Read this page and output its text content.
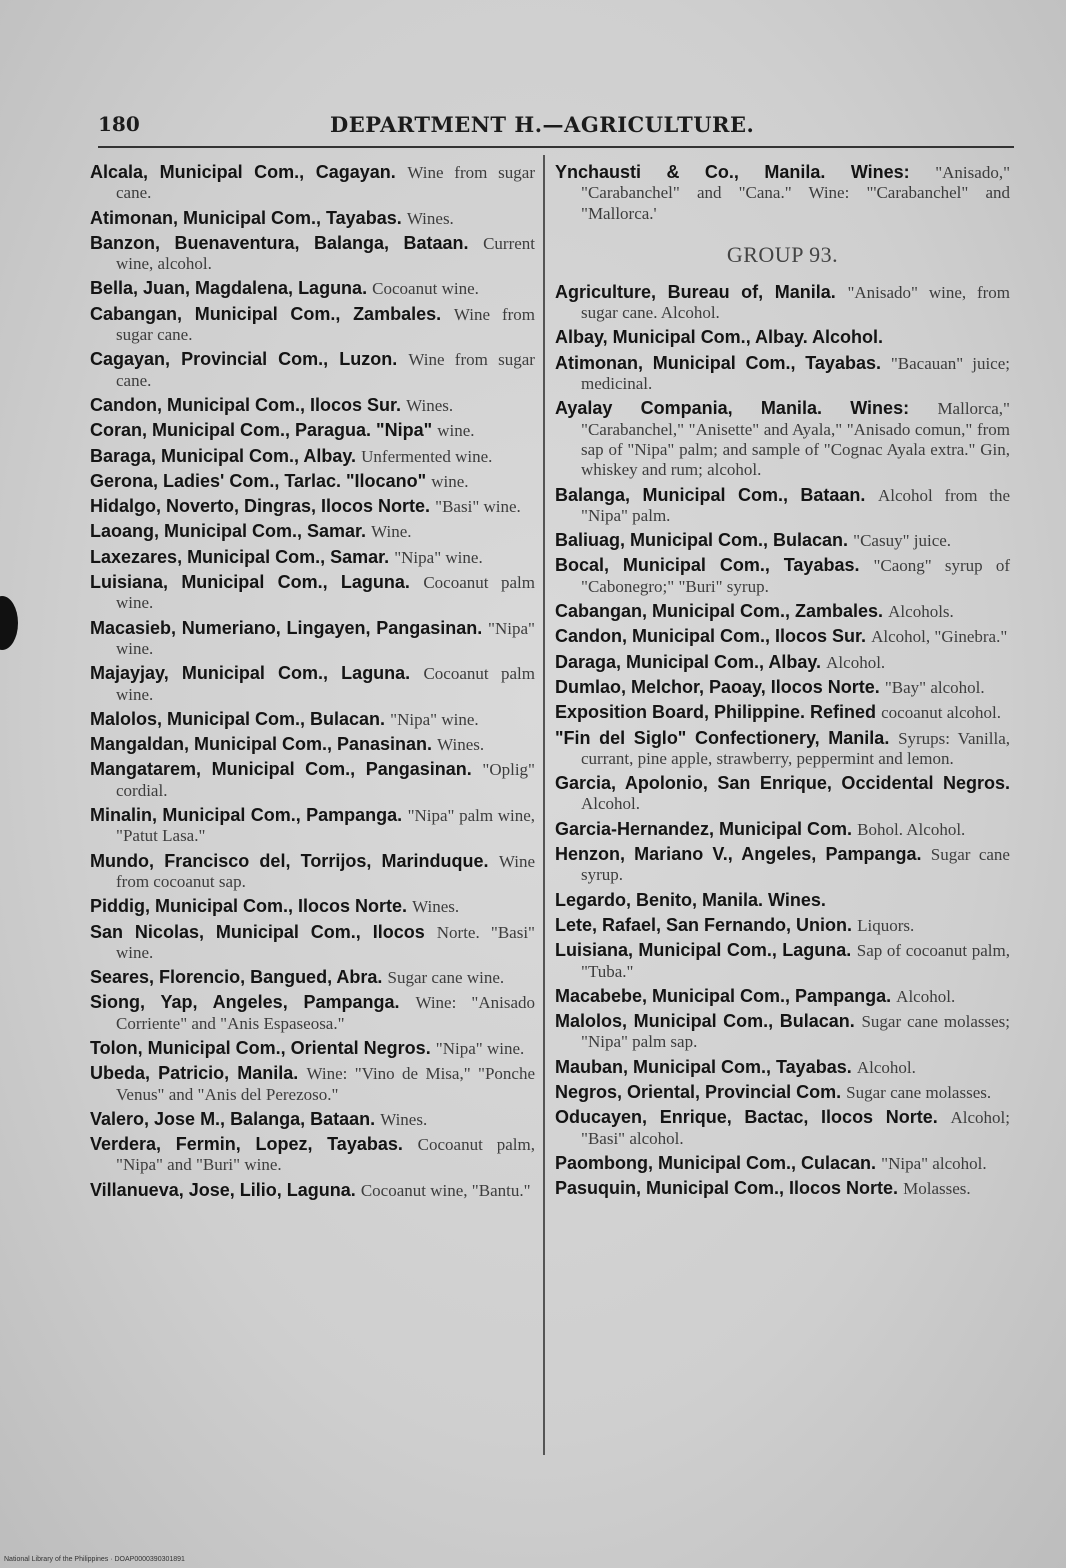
180	DEPARTMENT H.—AGRICULTURE.

Alcala, Municipal Com., Cagayan. Wine from sugar cane.

Atimonan, Municipal Com., Tayabas. Wines.

Banzon, Buenaventura, Balanga, Bataan. Current wine, alcohol.

Bella, Juan, Magdalena, Laguna. Cocoanut wine.

Cabangan, Municipal Com., Zambales. Wine from sugar cane.

Cagayan, Provincial Com., Luzon. Wine from sugar cane.

Candon, Municipal Com., Ilocos Sur. Wines.

Coran, Municipal Com., Paragua. "Nipa" wine.

Baraga, Municipal Com., Albay. Unfermented wine.

Gerona, Ladies' Com., Tarlac. "Ilocano" wine.

Hidalgo, Noverto, Dingras, Ilocos Norte. "Basi" wine.

Laoang, Municipal Com., Samar. Wine.

Laxezares, Municipal Com., Samar. "Nipa" wine.

Luisiana, Municipal Com., Laguna. Cocoanut palm wine.

Macasieb, Numeriano, Lingayen, Pangasinan. "Nipa" wine.

Majayjay, Municipal Com., Laguna. Cocoanut palm wine.

Malolos, Municipal Com., Bulacan. "Nipa" wine.

Mangaldan, Municipal Com., Panasinan. Wines.

Mangatarem, Municipal Com., Pangasinan. "Oplig" cordial.

Minalin, Municipal Com., Pampanga. "Nipa" palm wine, "Patut Lasa."

Mundo, Francisco del, Torrijos, Marinduque. Wine from cocoanut sap.

Piddig, Municipal Com., Ilocos Norte. Wines.

San Nicolas, Municipal Com., Ilocos Norte. "Basi" wine.

Seares, Florencio, Bangued, Abra. Sugar cane wine.

Siong, Yap, Angeles, Pampanga. Wine: "Anisado Corriente" and "Anis Espaseosa."

Tolon, Municipal Com., Oriental Negros. "Nipa" wine.

Ubeda, Patricio, Manila. Wine: "Vino de Misa," "Ponche Venus" and "Anis del Perezoso."

Valero, Jose M., Balanga, Bataan. Wines.

Verdera, Fermin, Lopez, Tayabas. Cocoanut palm, "Nipa" and "Buri" wine.

Villanueva, Jose, Lilio, Laguna. Cocoanut wine, "Bantu."

Ynchausti & Co., Manila. Wines: "Anisado," "Carabanchel" and "Cana." Wine: "'Carabanchel" and "Mallorca.'

GROUP 93.

Agriculture, Bureau of, Manila. "Anisado" wine, from sugar cane. Alcohol.

Albay, Municipal Com., Albay. Alcohol.

Atimonan, Municipal Com., Tayabas. "Bacauan" juice; medicinal.

Ayalay Compania, Manila. Wines: Mallorca," "Carabanchel," "Anisette" and Ayala," "Anisado comun," from sap of "Nipa" palm; and sample of "Cognac Ayala extra." Gin, whiskey and rum; alcohol.

Balanga, Municipal Com., Bataan. Alcohol from the "Nipa" palm.

Baliuag, Municipal Com., Bulacan. "Casuy" juice.

Bocal, Municipal Com., Tayabas. "Caong" syrup of "Cabonegro;" "Buri" syrup.

Cabangan, Municipal Com., Zambales. Alcohols.

Candon, Municipal Com., Ilocos Sur. Alcohol, "Ginebra."

Daraga, Municipal Com., Albay. Alcohol.

Dumlao, Melchor, Paoay, Ilocos Norte. "Bay" alcohol.

Exposition Board, Philippine. Refined cocoanut alcohol.

"Fin del Siglo" Confectionery, Manila. Syrups: Vanilla, currant, pine apple, strawberry, peppermint and lemon.

Garcia, Apolonio, San Enrique, Occidental Negros. Alcohol.

Garcia-Hernandez, Municipal Com. Bohol. Alcohol.

Henzon, Mariano V., Angeles, Pampanga. Sugar cane syrup.

Legardo, Benito, Manila. Wines.

Lete, Rafael, San Fernando, Union. Liquors.

Luisiana, Municipal Com., Laguna. Sap of cocoanut palm, "Tuba."

Macabebe, Municipal Com., Pampanga. Alcohol.

Malolos, Municipal Com., Bulacan. Sugar cane molasses; "Nipa" palm sap.

Mauban, Municipal Com., Tayabas. Alcohol.

Negros, Oriental, Provincial Com. Sugar cane molasses.

Oducayen, Enrique, Bactac, Ilocos Norte. Alcohol; "Basi" alcohol.

Paombong, Municipal Com., Culacan. "Nipa" alcohol.

Pasuquin, Municipal Com., Ilocos Norte. Molasses.

National Library of the Philippines · DOAP0000390301891
